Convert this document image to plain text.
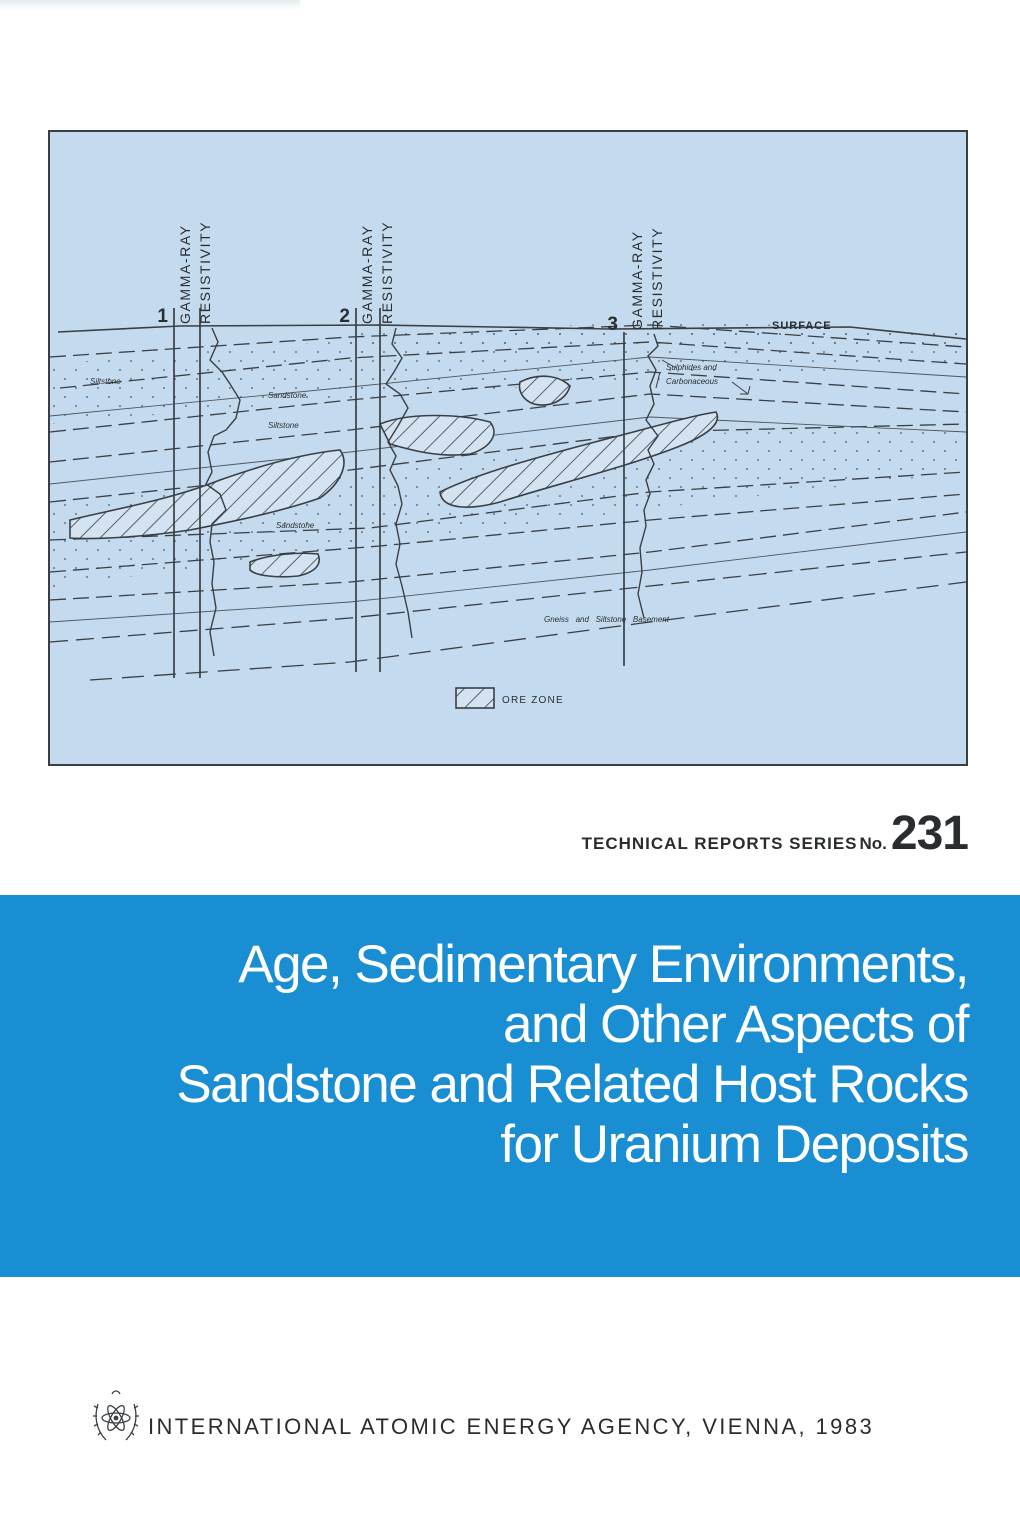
1	2	3
GAMMA-RAY RESISTIVITY	GAMMA-RAY RESISTIVITY	GAMMA-RAY RESISTIVITY	SURFACE
Siltstone
Sandstone
Siltstone
Sandstone
Sulphides and
Carbonaceous
Gneiss   and   Siltstone   Basement
ORE ZONE
TECHNICAL REPORTS SERIES No. 231
Age, Sedimentary Environments,
and Other Aspects of
Sandstone and Related Host Rocks
for Uranium Deposits
INTERNATIONAL ATOMIC ENERGY AGENCY, VIENNA, 1983
